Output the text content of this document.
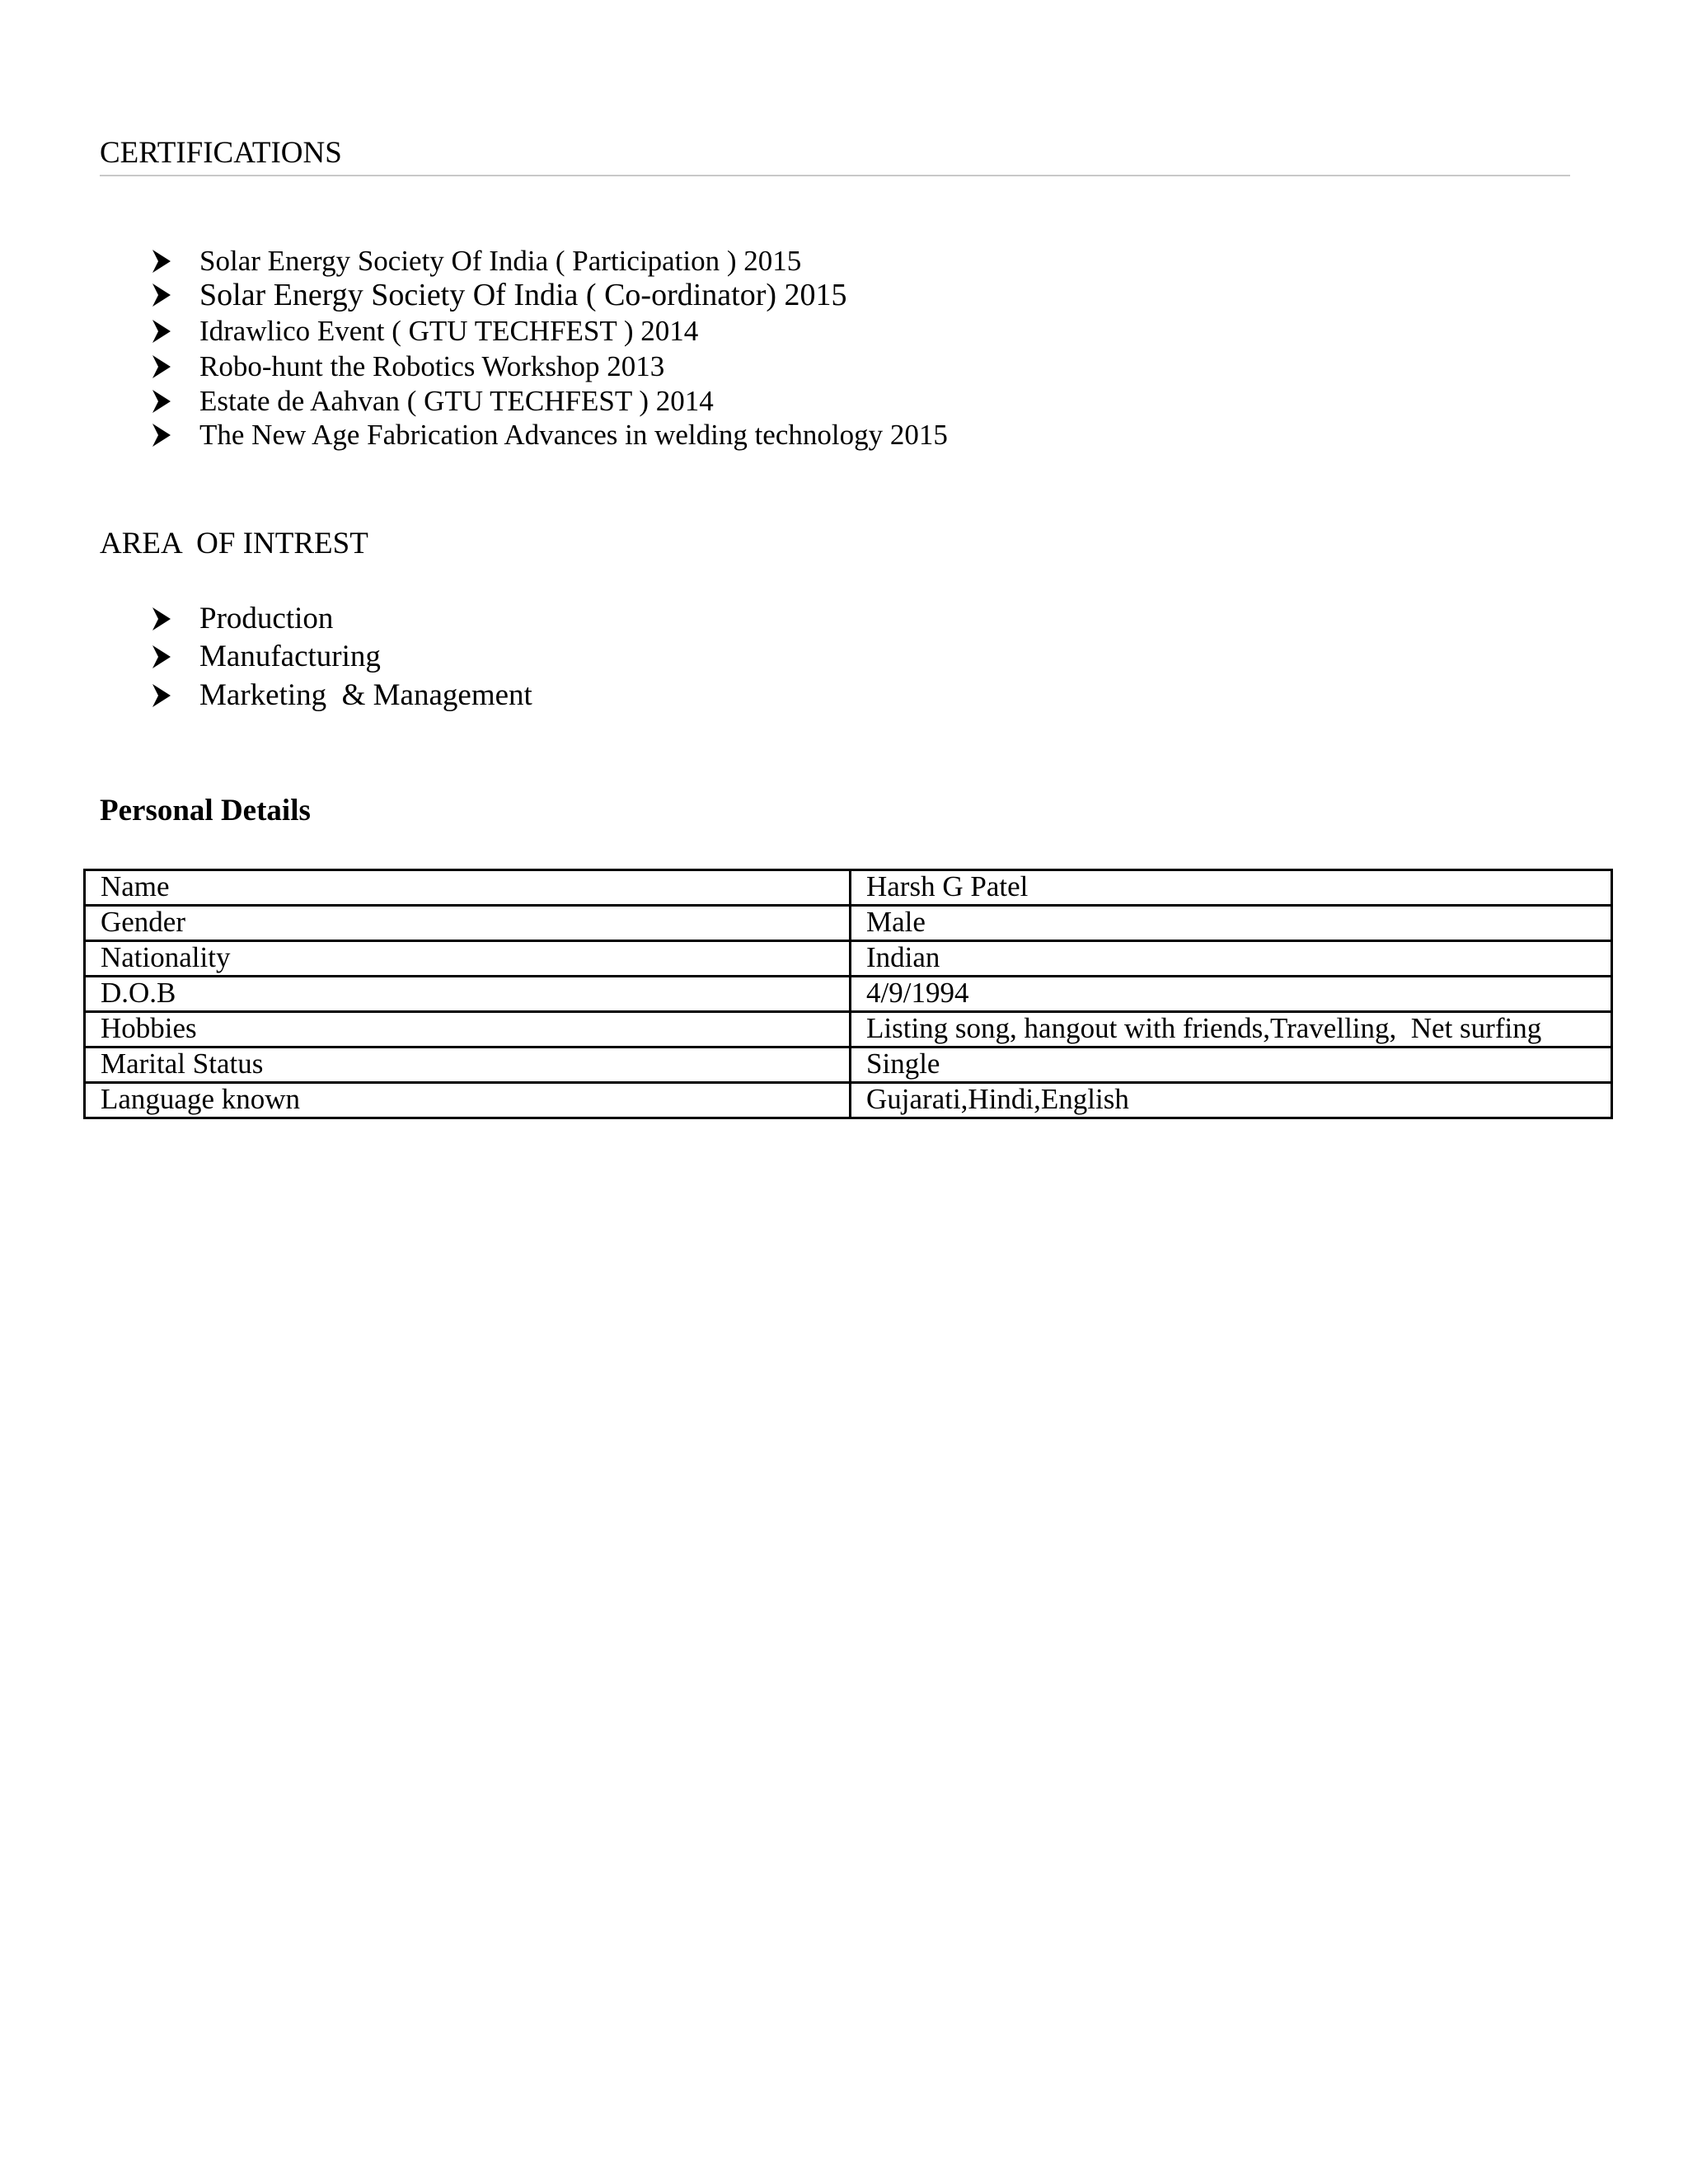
CERTIFICATIONS
Solar Energy Society Of India ( Participation ) 2015
Solar Energy Society Of India ( Co-ordinator) 2015
Idrawlico Event ( GTU TECHFEST ) 2014
Robo-hunt the Robotics Workshop 2013
Estate de Aahvan ( GTU TECHFEST ) 2014
The New Age Fabrication Advances in welding technology 2015
AREA  OF INTREST
Production
Manufacturing
Marketing  & Management
Personal Details
Name	Harsh G Patel
Gender	Male
Nationality	Indian
D.O.B	4/9/1994
Hobbies	Listing song, hangout with friends,Travelling,  Net surfing
Marital Status	Single
Language known	Gujarati,Hindi,English
